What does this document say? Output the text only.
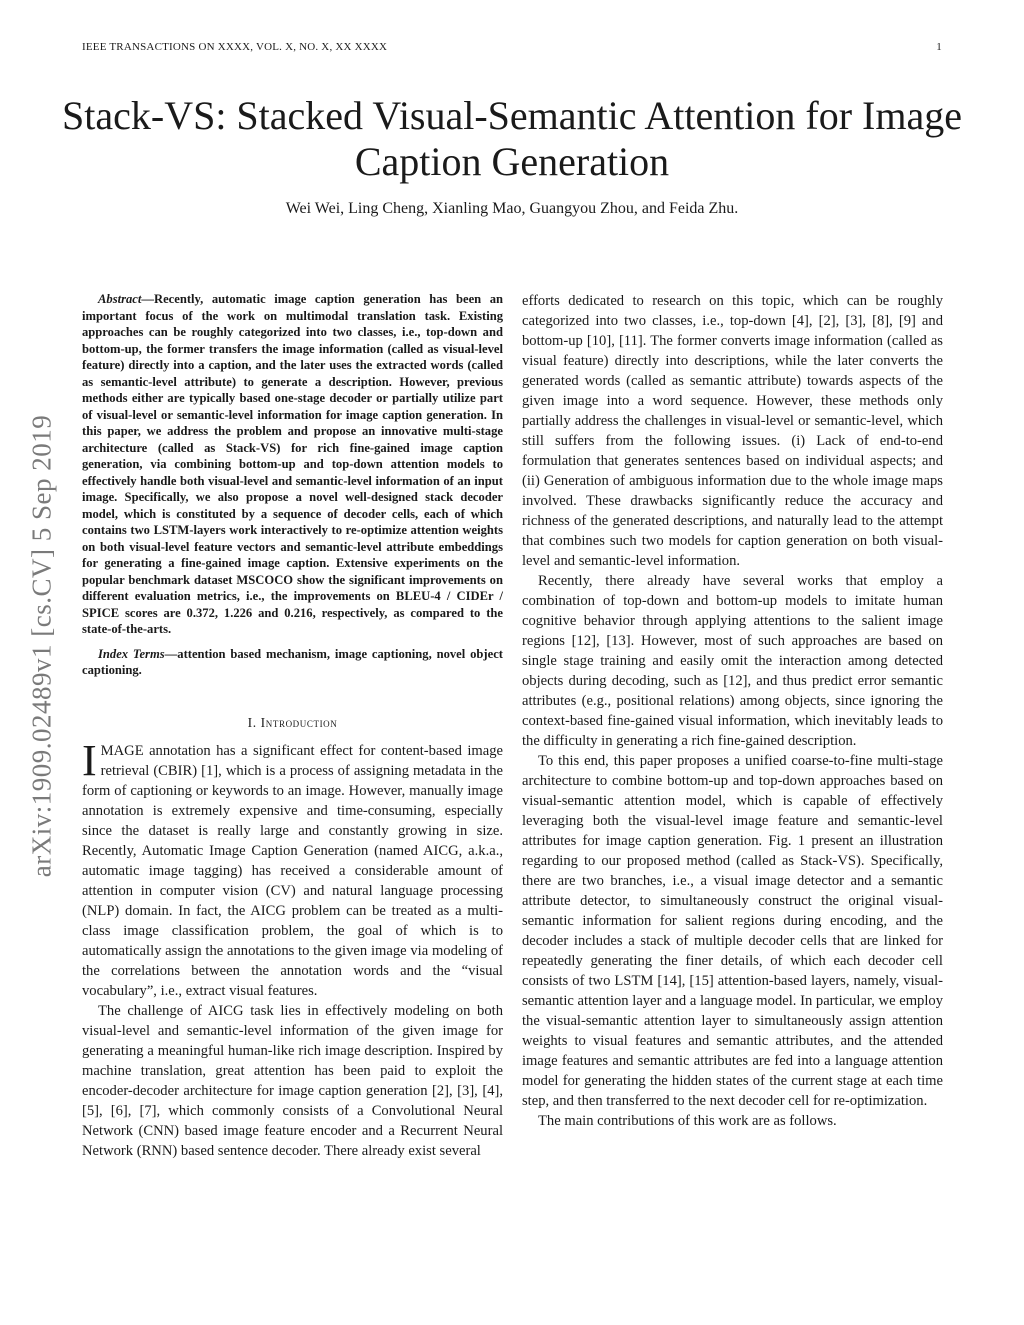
IEEE TRANSACTIONS ON XXXX, VOL. X, NO. X, XX XXXX	1
Stack-VS: Stacked Visual-Semantic Attention for Image Caption Generation
Wei Wei, Ling Cheng, Xianling Mao, Guangyou Zhou, and Feida Zhu.
arXiv:1909.02489v1 [cs.CV] 5 Sep 2019

Abstract—Recently, automatic image caption generation has been an important focus of the work on multimodal translation task. Existing approaches can be roughly categorized into two classes, i.e., top-down and bottom-up, the former transfers the image information (called as visual-level feature) directly into a caption, and the later uses the extracted words (called as semantic-level attribute) to generate a description. However, previous methods either are typically based one-stage decoder or partially utilize part of visual-level or semantic-level information for image caption generation. In this paper, we address the problem and propose an innovative multi-stage architecture (called as Stack-VS) for rich fine-gained image caption generation, via combining bottom-up and top-down attention models to effectively handle both visual-level and semantic-level information of an input image. Specifically, we also propose a novel well-designed stack decoder model, which is constituted by a sequence of decoder cells, each of which contains two LSTM-layers work interactively to re-optimize attention weights on both visual-level feature vectors and semantic-level attribute embeddings for generating a fine-gained image caption. Extensive experiments on the popular benchmark dataset MSCOCO show the significant improvements on different evaluation metrics, i.e., the improvements on BLEU-4 / CIDEr / SPICE scores are 0.372, 1.226 and 0.216, respectively, as compared to the state-of-the-arts.

Index Terms—attention based mechanism, image captioning, novel object captioning.

I. Introduction

IMAGE annotation has a significant effect for content-based image retrieval (CBIR) [1], which is a process of assigning metadata in the form of captioning or keywords to an image. However, manually image annotation is extremely expensive and time-consuming, especially since the dataset is really large and constantly growing in size. Recently, Automatic Image Caption Generation (named AICG, a.k.a., automatic image tagging) has received a considerable amount of attention in computer vision (CV) and natural language processing (NLP) domain. In fact, the AICG problem can be treated as a multi-class image classification problem, the goal of which is to automatically assign the annotations to the given image via modeling of the correlations between the annotation words and the “visual vocabulary”, i.e., extract visual features.

The challenge of AICG task lies in effectively modeling on both visual-level and semantic-level information of the given image for generating a meaningful human-like rich image description. Inspired by machine translation, great attention has been paid to exploit the encoder-decoder architecture for image caption generation [2], [3], [4], [5], [6], [7], which commonly consists of a Convolutional Neural Network (CNN) based image feature encoder and a Recurrent Neural Network (RNN) based sentence decoder. There already exist several

efforts dedicated to research on this topic, which can be roughly categorized into two classes, i.e., top-down [4], [2], [3], [8], [9] and bottom-up [10], [11]. The former converts image information (called as visual feature) directly into descriptions, while the later converts the generated words (called as semantic attribute) towards aspects of the given image into a word sequence. However, these methods only partially address the challenges in visual-level or semantic-level, which still suffers from the following issues. (i) Lack of end-to-end formulation that generates sentences based on individual aspects; and (ii) Generation of ambiguous information due to the whole image maps involved. These drawbacks significantly reduce the accuracy and richness of the generated descriptions, and naturally lead to the attempt that combines such two models for caption generation on both visual-level and semantic-level information.

Recently, there already have several works that employ a combination of top-down and bottom-up models to imitate human cognitive behavior through applying attentions to the salient image regions [12], [13]. However, most of such approaches are based on single stage training and easily omit the interaction among detected objects during decoding, such as [12], and thus predict error semantic attributes (e.g., positional relations) among objects, since ignoring the context-based fine-gained visual information, which inevitably leads to the difficulty in generating a rich fine-gained description.

To this end, this paper proposes a unified coarse-to-fine multi-stage architecture to combine bottom-up and top-down approaches based on visual-semantic attention model, which is capable of effectively leveraging both the visual-level image feature and semantic-level attributes for image caption generation. Fig. 1 present an illustration regarding to our proposed method (called as Stack-VS). Specifically, there are two branches, i.e., a visual image detector and a semantic attribute detector, to simultaneously construct the original visual-semantic information for salient regions during encoding, and the decoder includes a stack of multiple decoder cells that are linked for repeatedly generating the finer details, of which each decoder cell consists of two LSTM [14], [15] attention-based layers, namely, visual-semantic attention layer and a language model. In particular, we employ the visual-semantic attention layer to simultaneously assign attention weights to visual features and semantic attributes, and the attended image features and semantic attributes are fed into a language attention model for generating the hidden states of the current stage at each time step, and then transferred to the next decoder cell for re-optimization.

The main contributions of this work are as follows.
